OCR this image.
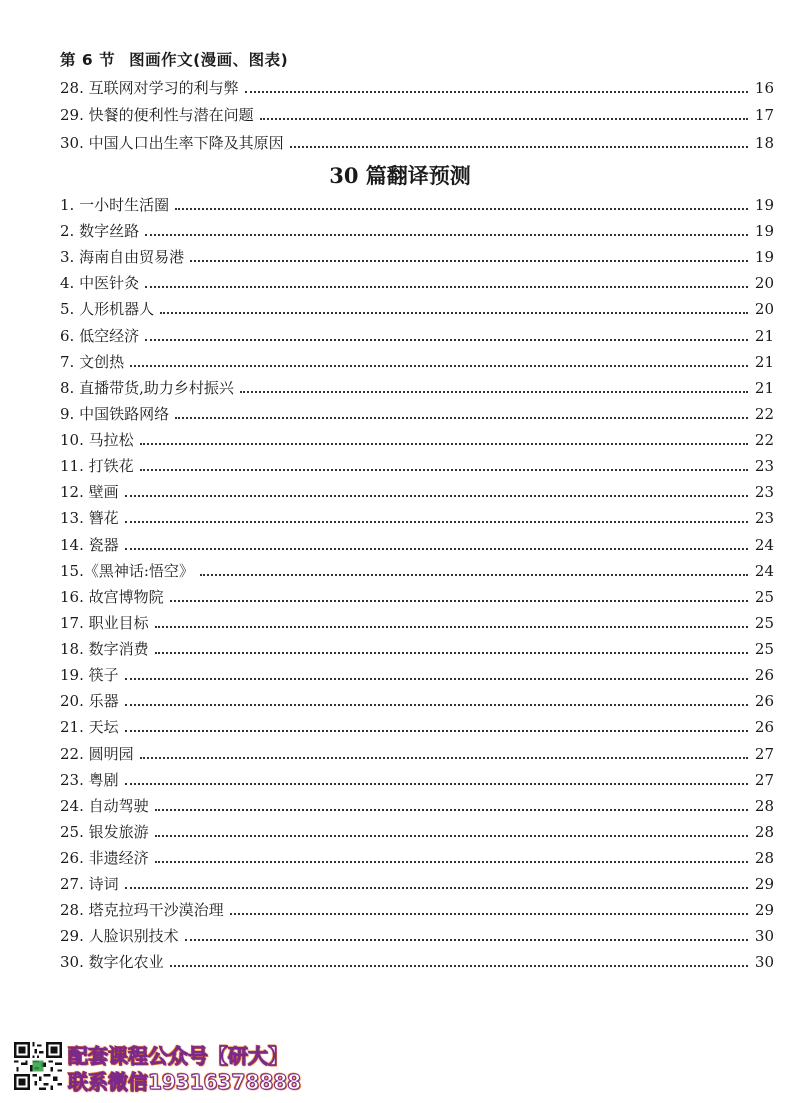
第 6 节 图画作文(漫画、图表)
28. 互联网对学习的利与弊	16
29. 快餐的便利性与潜在问题	17
30. 中国人口出生率下降及其原因	18
30 篇翻译预测
1. 一小时生活圈	19
2. 数字丝路	19
3. 海南自由贸易港	19
4. 中医针灸	20
5. 人形机器人	20
6. 低空经济	21
7. 文创热	21
8. 直播带货,助力乡村振兴	21
9. 中国铁路网络	22
10. 马拉松	22
11. 打铁花	23
12. 壁画	23
13. 簪花	23
14. 瓷器	24
15.《黑神话:悟空》	24
16. 故宫博物院	25
17. 职业目标	25
18. 数字消费	25
19. 筷子	26
20. 乐器	26
21. 天坛	26
22. 圆明园	27
23. 粤剧	27
24. 自动驾驶	28
25. 银发旅游	28
26. 非遗经济	28
27. 诗词	29
28. 塔克拉玛干沙漠治理	29
29. 人脸识别技术	30
30. 数字化农业	30
配套课程公众号【研大】
联系微信19316378888
